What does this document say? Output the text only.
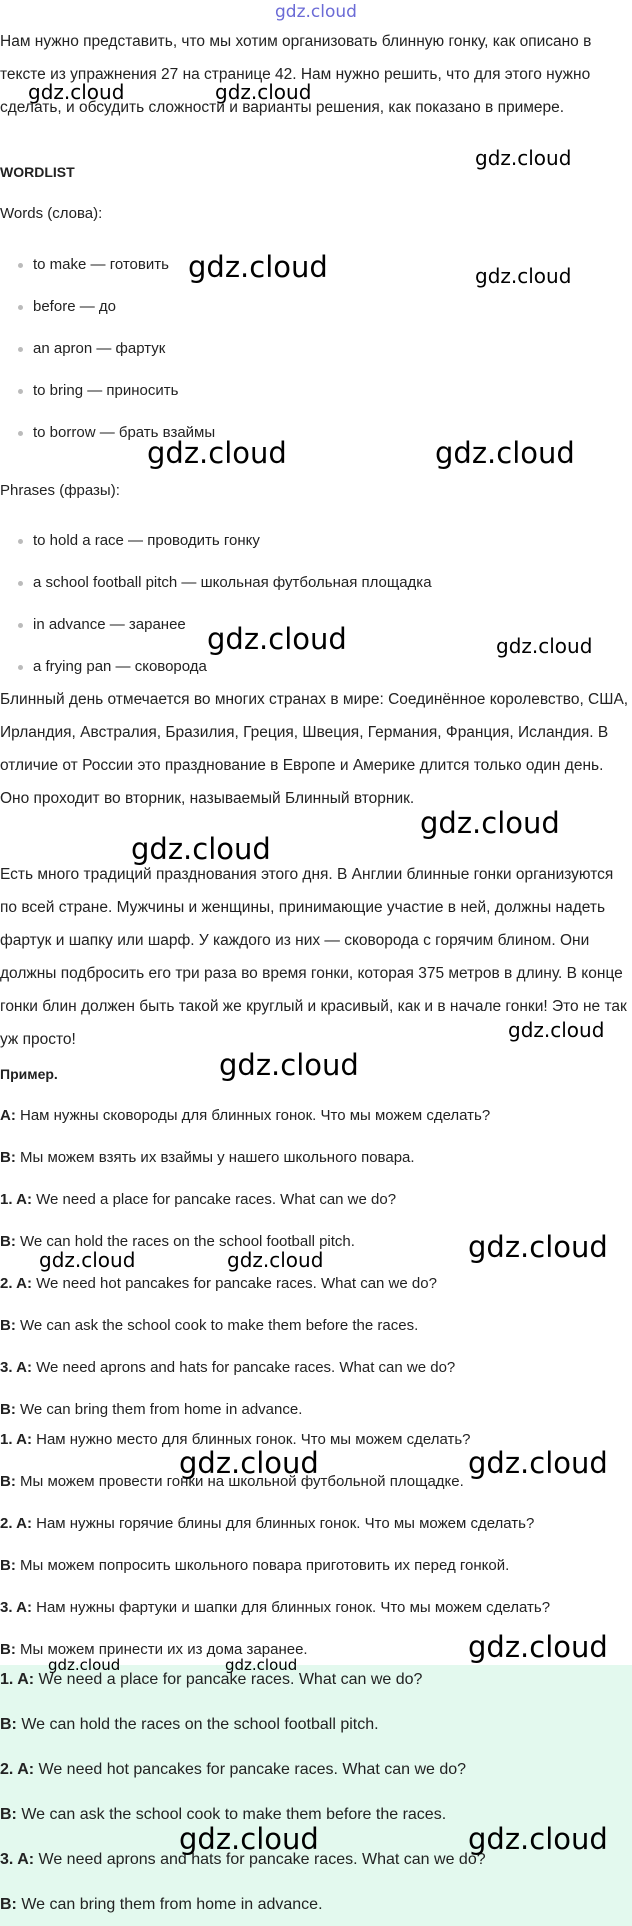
gdz.cloud

Нам нужно представить, что мы хотим организовать блинную гонку, как описано в тексте из упражнения 27 на странице 42. Нам нужно решить, что для этого нужно сделать, и обсудить сложности и варианты решения, как показано в примере.

WORDLIST

Words (слова):

to make — готовить

before — до

an apron — фартук

to bring — приносить

to borrow — брать взаймы

Phrases (фразы):

to hold a race — проводить гонку

a school football pitch — школьная футбольная площадка

in advance — заранее

a frying pan — сковорода

Блинный день отмечается во многих странах в мире: Соединённое королевство, США, Ирландия, Австралия, Бразилия, Греция, Швеция, Германия, Франция, Исландия. В отличие от России это празднование в Европе и Америке длится только один день. Оно проходит во вторник, называемый Блинный вторник.

Есть много традиций празднования этого дня. В Англии блинные гонки организуются по всей стране. Мужчины и женщины, принимающие участие в ней, должны надеть фартук и шапку или шарф. У каждого из них — сковорода с горячим блином. Они должны подбросить его три раза во время гонки, которая 375 метров в длину. В конце гонки блин должен быть такой же круглый и красивый, как и в начале гонки! Это не так уж просто!

Пример.

A: Нам нужны сковороды для блинных гонок. Что мы можем сделать?

B: Мы можем взять их взаймы у нашего школьного повара.

1. A: We need a place for pancake races. What can we do?

B: We can hold the races on the school football pitch.

2. A: We need hot pancakes for pancake races. What can we do?

B: We can ask the school cook to make them before the races.

3. A: We need aprons and hats for pancake races. What can we do?

B: We can bring them from home in advance.

1. A: Нам нужно место для блинных гонок. Что мы можем сделать?

B: Мы можем провести гонки на школьной футбольной площадке.

2. A: Нам нужны горячие блины для блинных гонок. Что мы можем сделать?

B: Мы можем попросить школьного повара приготовить их перед гонкой.

3. A: Нам нужны фартуки и шапки для блинных гонок. Что мы можем сделать?

B: Мы можем принести их из дома заранее.

1. A: We need a place for pancake races. What can we do?

B: We can hold the races on the school football pitch.

2. A: We need hot pancakes for pancake races. What can we do?

B: We can ask the school cook to make them before the races.

3. A: We need aprons and hats for pancake races. What can we do?

B: We can bring them from home in advance.

gdz.cloud	gdz.cloud
gdz.cloud
gdz.cloud	gdz.cloud
gdz.cloud	gdz.cloud
gdz.cloud	gdz.cloud
gdz.cloud
gdz.cloud
gdz.cloud
gdz.cloud
gdz.cloud
gdz.cloud	gdz.cloud
gdz.cloud	gdz.cloud
gdz.cloud
gdz.cloud	gdz.cloud
gdz.cloud	gdz.cloud
